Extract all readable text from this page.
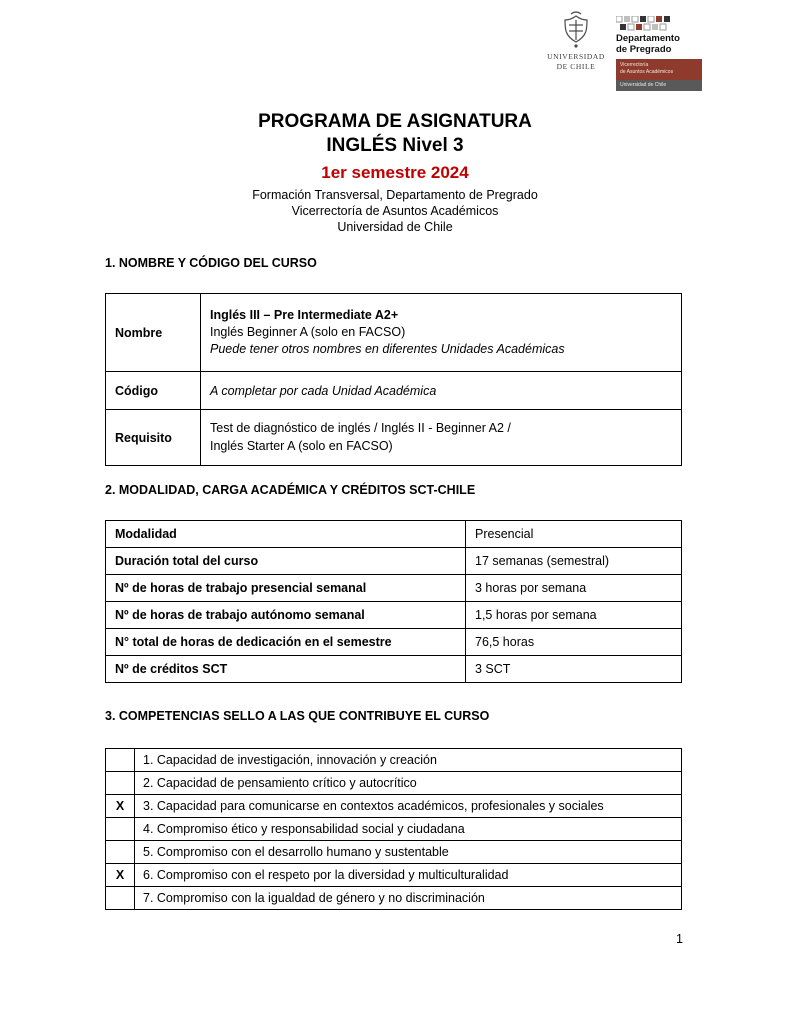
UNIVERSIDAD
DE CHILE
Departamento
de Pregrado
Vicerrectoría
de Asuntos Académicos
Universidad de Chile
PROGRAMA DE ASIGNATURA
INGLÉS Nivel 3
1er semestre 2024
Formación Transversal, Departamento de Pregrado
Vicerrectoría de Asuntos Académicos
Universidad de Chile
1. NOMBRE Y CÓDIGO DEL CURSO
Nombre	Inglés III – Pre Intermediate A2+
Inglés Beginner A (solo en FACSO)
Puede tener otros nombres en diferentes Unidades Académicas

Código	A completar por cada Unidad Académica
Requisito	Test de diagnóstico de inglés / Inglés II - Beginner A2 /
Inglés Starter A (solo en FACSO)
2. MODALIDAD, CARGA ACADÉMICA Y CRÉDITOS SCT-CHILE
Modalidad	Presencial
Duración total del curso	17 semanas (semestral)
Nº de horas de trabajo presencial semanal	3 horas por semana
Nº de horas de trabajo autónomo semanal	1,5 horas por semana
N° total de horas de dedicación en el semestre	76,5 horas
Nº de créditos SCT	3 SCT
3. COMPETENCIAS SELLO A LAS QUE CONTRIBUYE EL CURSO
	1. Capacidad de investigación, innovación y creación
	2. Capacidad de pensamiento crítico y autocrítico
X	3. Capacidad para comunicarse en contextos académicos, profesionales y sociales
	4. Compromiso ético y responsabilidad social y ciudadana
	5. Compromiso con el desarrollo humano y sustentable
X	6. Compromiso con el respeto por la diversidad y multiculturalidad
	7. Compromiso con la igualdad de género y no discriminación
1
